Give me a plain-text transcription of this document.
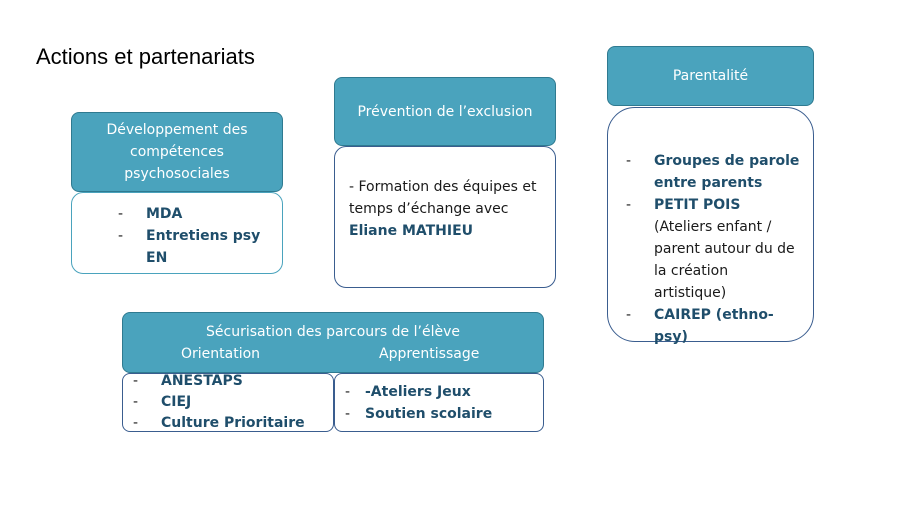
Actions et partenariats
Développement des compétences psychosociales
- MDA
- Entretiens psy EN
Prévention de l’exclusion
- Formation des équipes et temps d’échange avec Eliane MATHIEU
Parentalité
- Groupes de parole entre parents
- PETIT POIS (Ateliers enfant / parent autour du de la création artistique)
- CAIREP (ethno-psy)
Sécurisation des parcours de l’élève
Orientation	Apprentissage
- ANESTAPS
- CIEJ
- Culture Prioritaire
- -Ateliers Jeux
- Soutien scolaire
